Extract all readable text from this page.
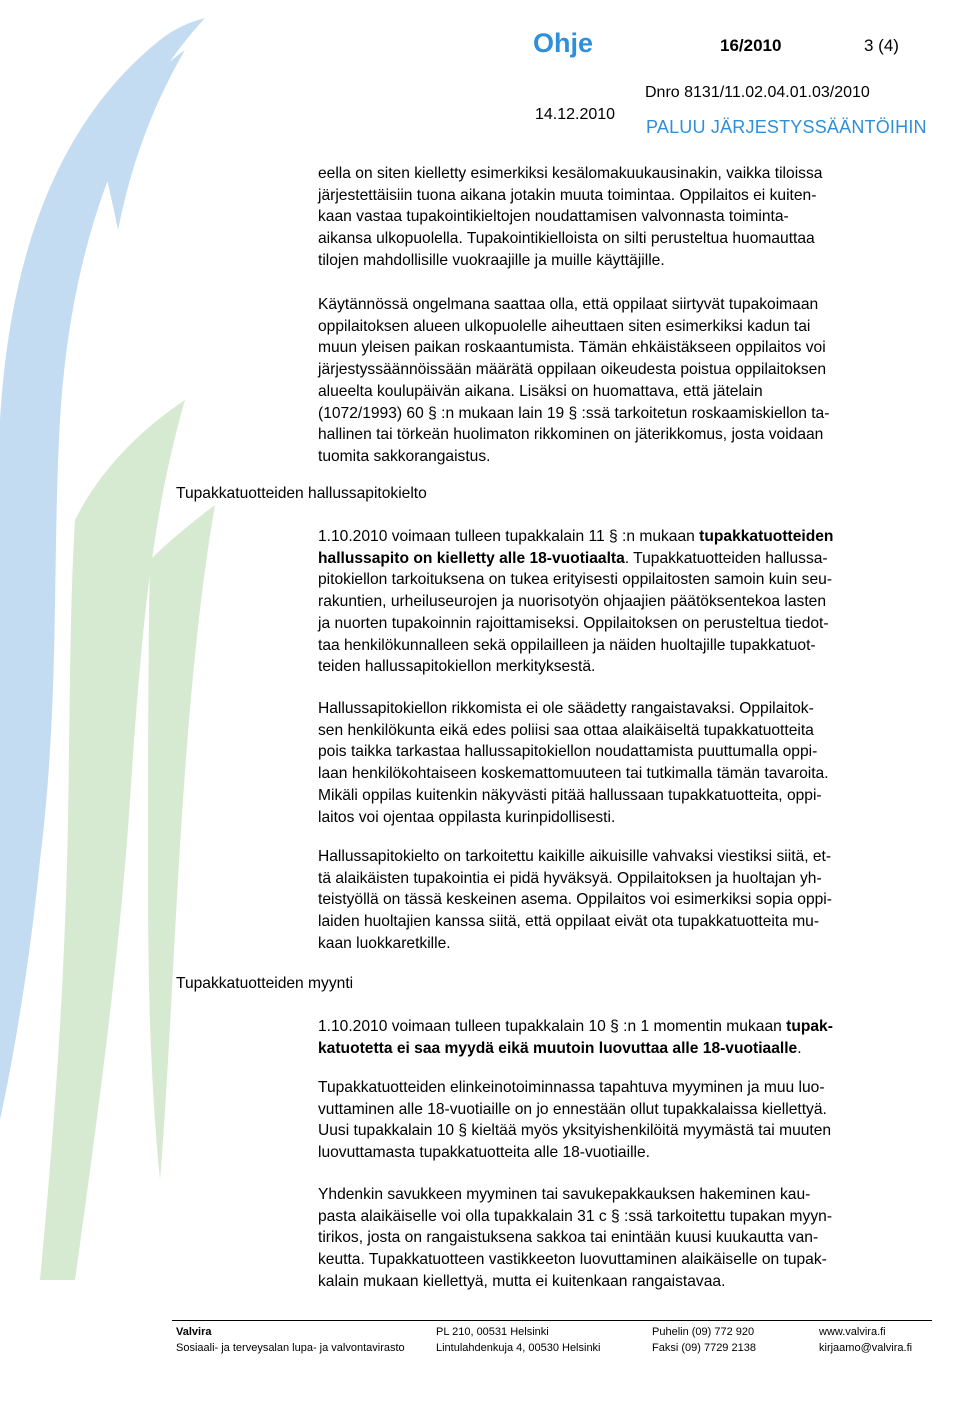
Ohje	16/2010	3 (4)
Dnro 8131/11.02.04.01.03/2010
14.12.2010
PALUU JÄRJESTYSSÄÄNTÖIHIN
eella on siten kielletty esimerkiksi kesälomakuukausinakin, vaikka tiloissa
järjestettäisiin tuona aikana jotakin muuta toimintaa. Oppilaitos ei kuiten-
kaan vastaa tupakointikieltojen noudattamisen valvonnasta toiminta-
aikansa ulkopuolella. Tupakointikielloista on silti perusteltua huomauttaa
tilojen mahdollisille vuokraajille ja muille käyttäjille.
Käytännössä ongelmana saattaa olla, että oppilaat siirtyvät tupakoimaan
oppilaitoksen alueen ulkopuolelle aiheuttaen siten esimerkiksi kadun tai
muun yleisen paikan roskaantumista. Tämän ehkäistäkseen oppilaitos voi
järjestyssäännöissään määrätä oppilaan oikeudesta poistua oppilaitoksen
alueelta koulupäivän aikana. Lisäksi on huomattava, että jätelain
(1072/1993) 60 § :n mukaan lain 19 § :ssä tarkoitetun roskaamiskiellon ta-
hallinen tai törkeän huolimaton rikkominen on jäterikkomus, josta voidaan
tuomita sakkorangaistus.
Tupakkatuotteiden hallussapitokielto
1.10.2010 voimaan tulleen tupakkalain 11 § :n mukaan tupakkatuotteiden
hallussapito on kielletty alle 18-vuotiaalta. Tupakkatuotteiden hallussa-
pitokiellon tarkoituksena on tukea erityisesti oppilaitosten samoin kuin seu-
rakuntien, urheiluseurojen ja nuorisotyön ohjaajien päätöksentekoa lasten
ja nuorten tupakoinnin rajoittamiseksi. Oppilaitoksen on perusteltua tiedot-
taa henkilökunnalleen sekä oppilailleen ja näiden huoltajille tupakkatuot-
teiden hallussapitokiellon merkityksestä.
Hallussapitokiellon rikkomista ei ole säädetty rangaistavaksi. Oppilaitok-
sen henkilökunta eikä edes poliisi saa ottaa alaikäiseltä tupakkatuotteita
pois taikka tarkastaa hallussapitokiellon noudattamista puuttumalla oppi-
laan henkilökohtaiseen koskemattomuuteen tai tutkimalla tämän tavaroita.
Mikäli oppilas kuitenkin näkyvästi pitää hallussaan tupakkatuotteita, oppi-
laitos voi ojentaa oppilasta kurinpidollisesti.
Hallussapitokielto on tarkoitettu kaikille aikuisille vahvaksi viestiksi siitä, et-
tä alaikäisten tupakointia ei pidä hyväksyä. Oppilaitoksen ja huoltajan yh-
teistyöllä on tässä keskeinen asema. Oppilaitos voi esimerkiksi sopia oppi-
laiden huoltajien kanssa siitä, että oppilaat eivät ota tupakkatuotteita mu-
kaan luokkaretkille.
Tupakkatuotteiden myynti
1.10.2010 voimaan tulleen tupakkalain 10 § :n 1 momentin mukaan tupak-
katuotetta ei saa myydä eikä muutoin luovuttaa alle 18-vuotiaalle.
Tupakkatuotteiden elinkeinotoiminnassa tapahtuva myyminen ja muu luo-
vuttaminen alle 18-vuotiaille on jo ennestään ollut tupakkalaissa kiellettyä.
Uusi tupakkalain 10 § kieltää myös yksityishenkilöitä myymästä tai muuten
luovuttamasta tupakkatuotteita alle 18-vuotiaille.
Yhdenkin savukkeen myyminen tai savukepakkauksen hakeminen kau-
pasta alaikäiselle voi olla tupakkalain 31 c § :ssä tarkoitettu tupakan myyn-
tirikos, josta on rangaistuksena sakkoa tai enintään kuusi kuukautta van-
keutta. Tupakkatuotteen vastikkeeton luovuttaminen alaikäiselle on tupak-
kalain mukaan kiellettyä, mutta ei kuitenkaan rangaistavaa.
Valvira
Sosiaali- ja terveysalan lupa- ja valvontavirasto
PL 210, 00531 Helsinki
Lintulahdenkuja 4, 00530 Helsinki
Puhelin (09) 772 920
Faksi (09) 7729 2138
www.valvira.fi
kirjaamo@valvira.fi
